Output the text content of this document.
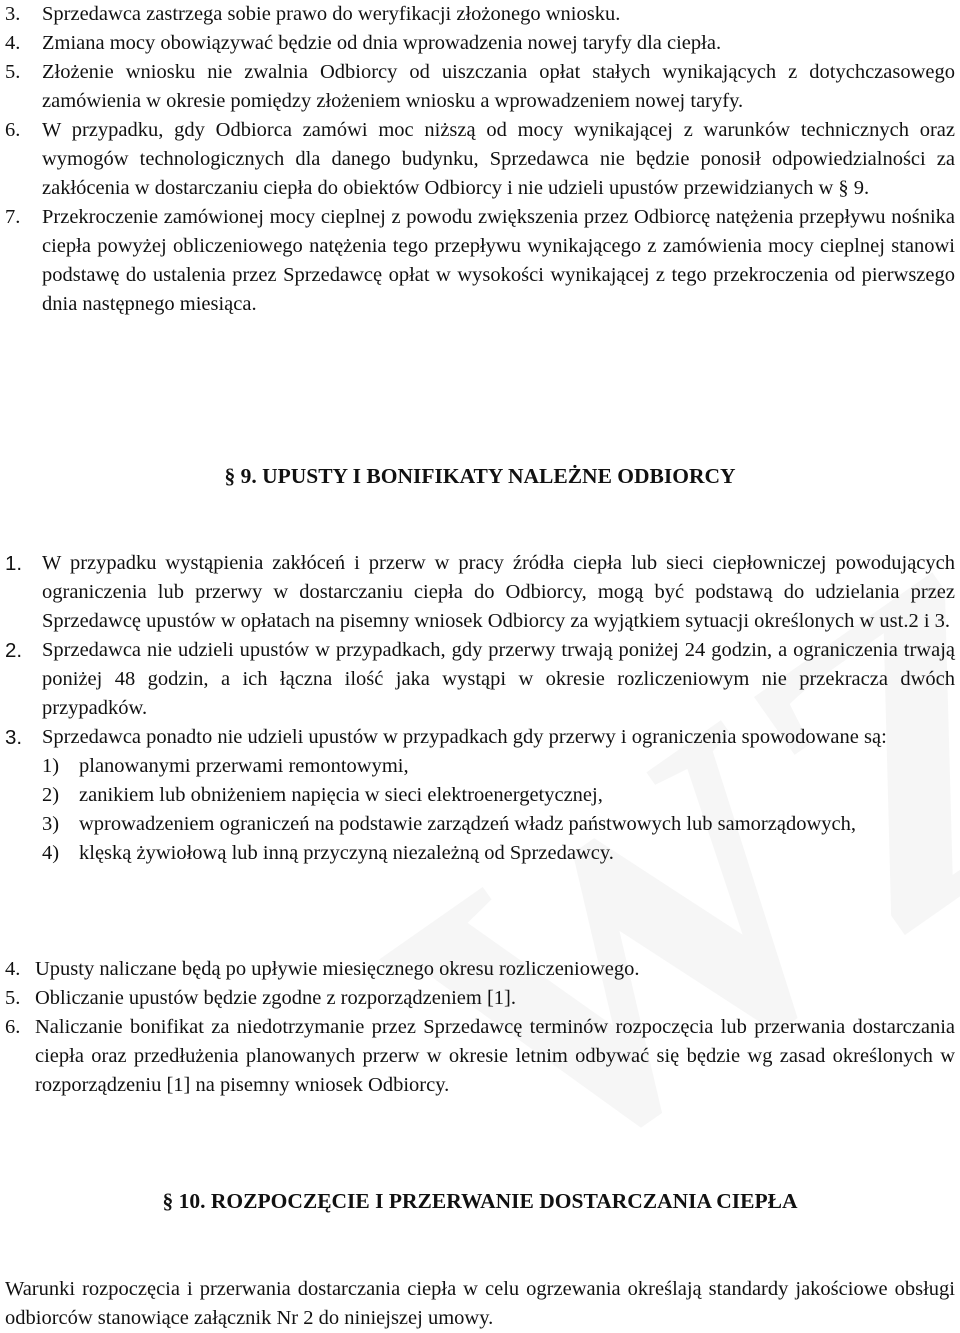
3. Sprzedawca zastrzega sobie prawo do weryfikacji złożonego wniosku.
4. Zmiana mocy obowiązywać będzie od dnia wprowadzenia nowej taryfy dla ciepła.
5. Złożenie wniosku nie zwalnia Odbiorcy od uiszczania opłat stałych wynikających z dotychczasowego zamówienia w okresie pomiędzy złożeniem wniosku a wprowadzeniem nowej taryfy.
6. W przypadku, gdy Odbiorca zamówi moc niższą od mocy wynikającej z warunków technicznych oraz wymogów technologicznych dla danego budynku, Sprzedawca nie będzie ponosił odpowiedzialności za zakłócenia w dostarczaniu ciepła do obiektów Odbiorcy i nie udzieli upustów przewidzianych w § 9.
7. Przekroczenie zamówionej mocy cieplnej z powodu zwiększenia przez Odbiorcę natężenia przepływu nośnika ciepła powyżej obliczeniowego natężenia tego przepływu wynikającego z zamówienia mocy cieplnej stanowi podstawę do ustalenia przez Sprzedawcę opłat w wysokości wynikającej z tego przekroczenia od pierwszego dnia następnego miesiąca.
§ 9. UPUSTY I BONIFIKATY NALEŻNE ODBIORCY
1. W przypadku wystąpienia zakłóceń i przerw w pracy źródła ciepła lub sieci ciepłowniczej powodujących ograniczenia lub przerwy w dostarczaniu ciepła do Odbiorcy, mogą być podstawą do udzielania przez Sprzedawcę upustów w opłatach na pisemny wniosek Odbiorcy za wyjątkiem sytuacji określonych w ust.2 i 3.
2. Sprzedawca nie udzieli upustów w przypadkach, gdy przerwy trwają poniżej 24 godzin, a ograniczenia trwają poniżej 48 godzin, a ich łączna ilość jaka wystąpi w okresie rozliczeniowym nie przekracza dwóch przypadków.
3. Sprzedawca ponadto nie udzieli upustów w przypadkach gdy przerwy i ograniczenia spowodowane są:
1) planowanymi przerwami remontowymi,
2) zanikiem lub obniżeniem napięcia w sieci elektroenergetycznej,
3) wprowadzeniem ograniczeń na podstawie zarządzeń władz państwowych lub samorządowych,
4) klęską żywiołową lub inną przyczyną niezależną od Sprzedawcy.
4. Upusty naliczane będą po upływie miesięcznego okresu rozliczeniowego.
5. Obliczanie upustów będzie zgodne z rozporządzeniem [1].
6. Naliczanie bonifikat za niedotrzymanie przez Sprzedawcę terminów rozpoczęcia lub przerwania dostarczania ciepła oraz przedłużenia planowanych przerw w okresie letnim odbywać się będzie wg zasad określonych w rozporządzeniu [1] na pisemny wniosek Odbiorcy.
§ 10. ROZPOCZĘCIE I PRZERWANIE DOSTARCZANIA CIEPŁA

Warunki rozpoczęcia i przerwania dostarczania ciepła w celu ogrzewania określają standardy jakościowe obsługi odbiorców stanowiące załącznik Nr 2 do niniejszej umowy.
